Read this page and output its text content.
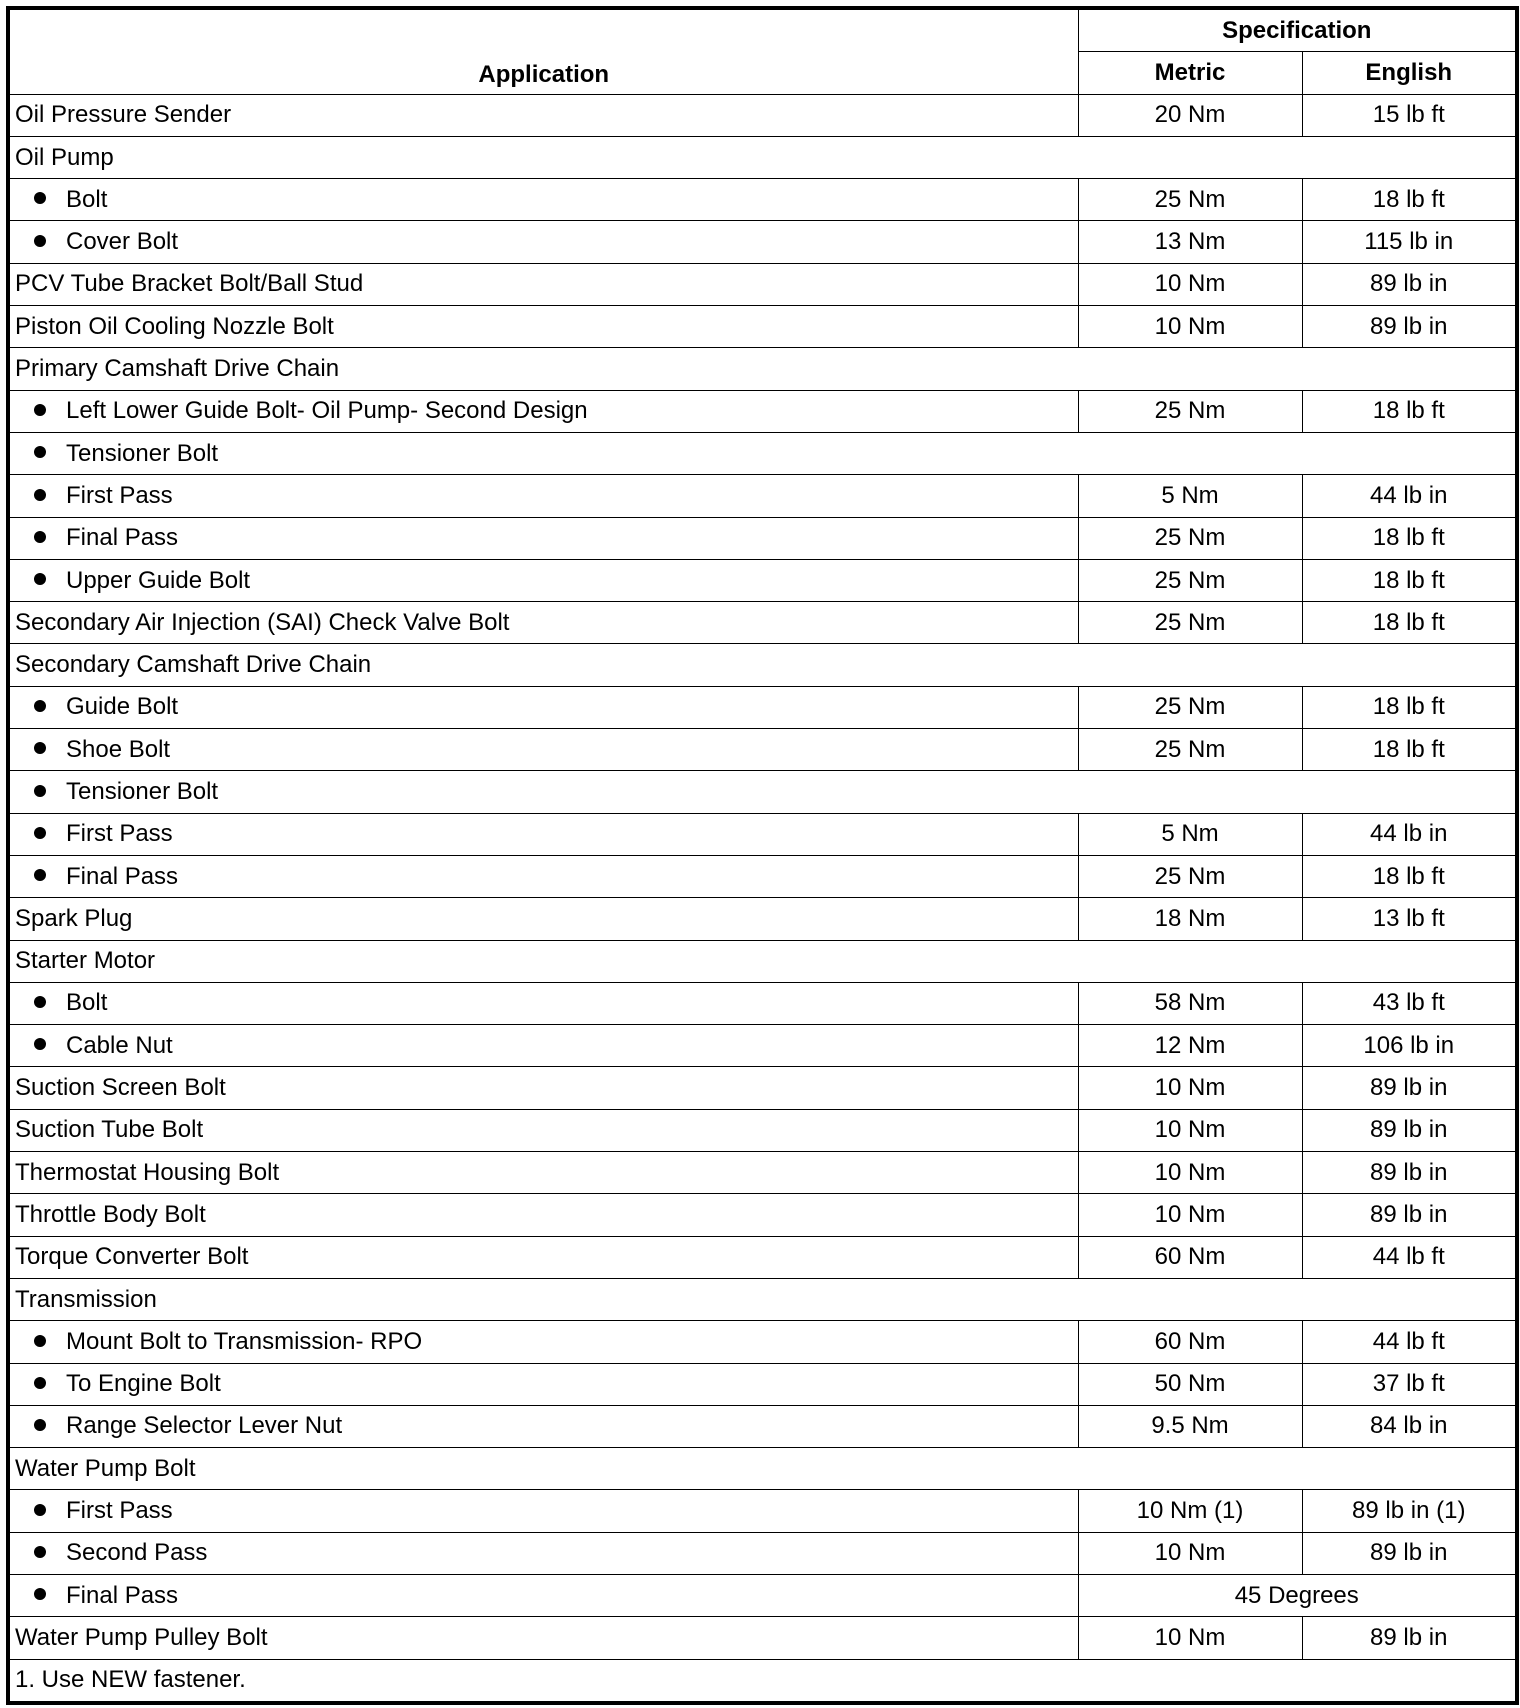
Application	Specification	
	Metric	English
Oil Pressure Sender	20 Nm	15 lb ft
Oil Pump		
Bolt	25 Nm	18 lb ft
Cover Bolt	13 Nm	115 lb in
PCV Tube Bracket Bolt/Ball Stud	10 Nm	89 lb in
Piston Oil Cooling Nozzle Bolt	10 Nm	89 lb in
Primary Camshaft Drive Chain		
Left Lower Guide Bolt- Oil Pump- Second Design	25 Nm	18 lb ft
Tensioner Bolt		
First Pass	5 Nm	44 lb in
Final Pass	25 Nm	18 lb ft
Upper Guide Bolt	25 Nm	18 lb ft
Secondary Air Injection (SAI) Check Valve Bolt	25 Nm	18 lb ft
Secondary Camshaft Drive Chain		
Guide Bolt	25 Nm	18 lb ft
Shoe Bolt	25 Nm	18 lb ft
Tensioner Bolt		
First Pass	5 Nm	44 lb in
Final Pass	25 Nm	18 lb ft
Spark Plug	18 Nm	13 lb ft
Starter Motor		
Bolt	58 Nm	43 lb ft
Cable Nut	12 Nm	106 lb in
Suction Screen Bolt	10 Nm	89 lb in
Suction Tube Bolt	10 Nm	89 lb in
Thermostat Housing Bolt	10 Nm	89 lb in
Throttle Body Bolt	10 Nm	89 lb in
Torque Converter Bolt	60 Nm	44 lb ft
Transmission		
Mount Bolt to Transmission- RPO	60 Nm	44 lb ft
To Engine Bolt	50 Nm	37 lb ft
Range Selector Lever Nut	9.5 Nm	84 lb in
Water Pump Bolt		
First Pass	10 Nm (1)	89 lb in (1)
Second Pass	10 Nm	89 lb in
Final Pass	45 Degrees	
Water Pump Pulley Bolt	10 Nm	89 lb in
1. Use NEW fastener.		
